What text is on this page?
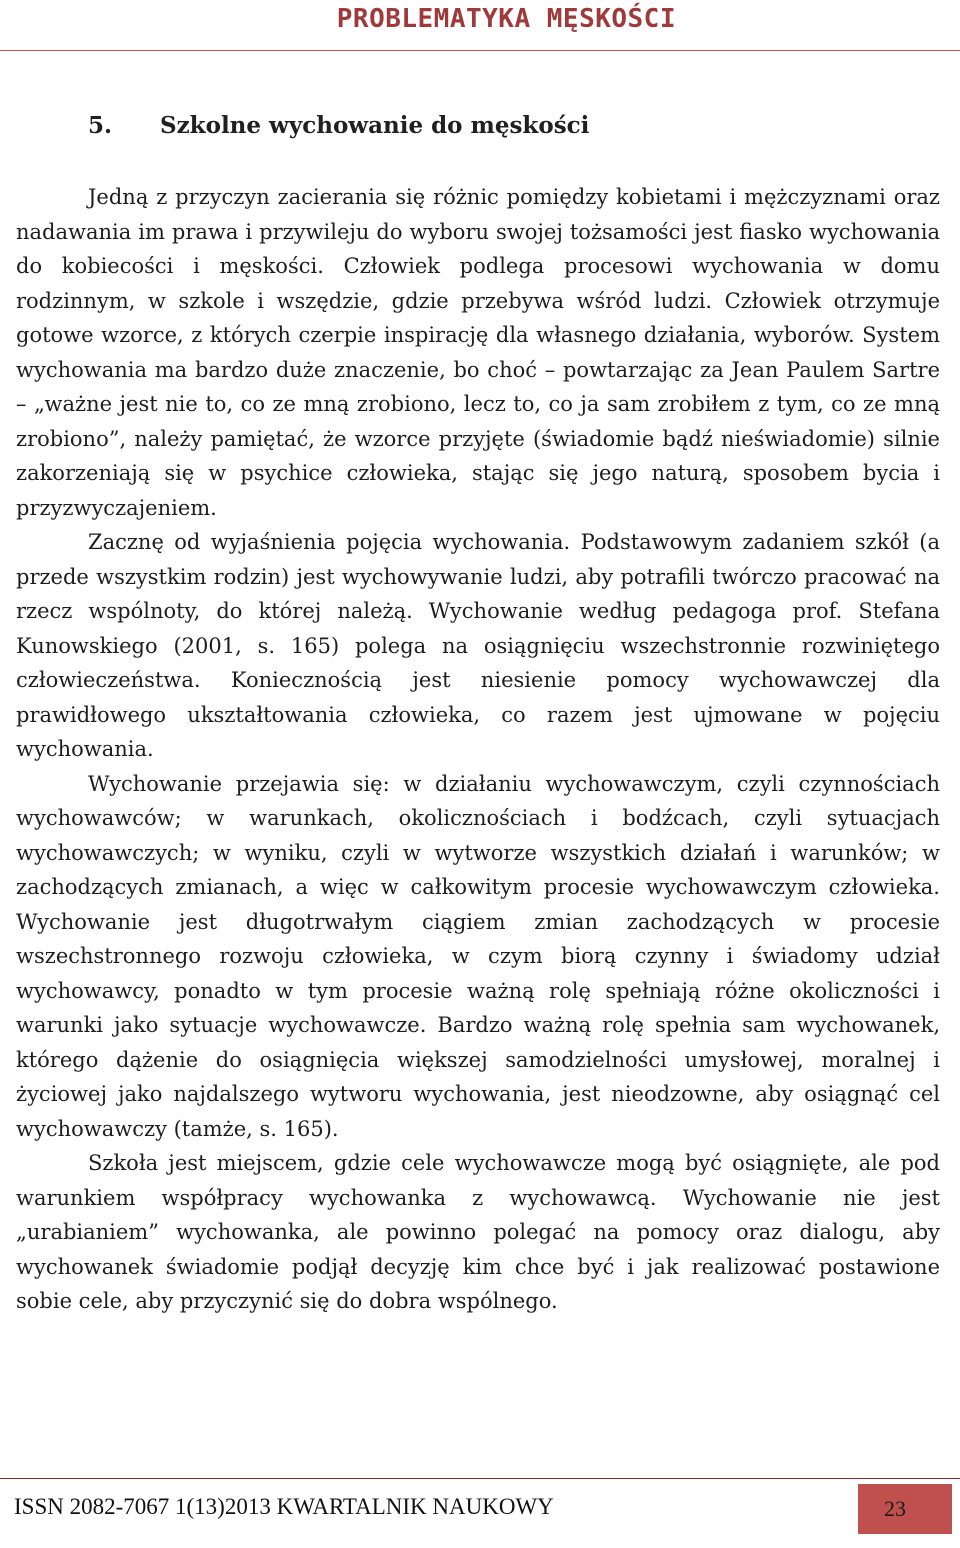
PROBLEMATYKA MĘSKOŚCI
5. Szkolne wychowanie do męskości

Jedną z przyczyn zacierania się różnic pomiędzy kobietami i mężczyznami oraz nadawania im prawa i przywileju do wyboru swojej tożsamości jest fiasko wychowania do kobiecości i męskości. Człowiek podlega procesowi wychowania w domu rodzinnym, w szkole i wszędzie, gdzie przebywa wśród ludzi. Człowiek otrzymuje gotowe wzorce, z których czerpie inspirację dla własnego działania, wyborów. System wychowania ma bardzo duże znaczenie, bo choć – powtarzając za Jean Paulem Sartre – „ważne jest nie to, co ze mną zrobiono, lecz to, co ja sam zrobiłem z tym, co ze mną zrobiono”, należy pamiętać, że wzorce przyjęte (świadomie bądź nieświadomie) silnie zakorzeniają się w psychice człowieka, stając się jego naturą, sposobem bycia i przyzwyczajeniem.

Zacznę od wyjaśnienia pojęcia wychowania. Podstawowym zadaniem szkół (a przede wszystkim rodzin) jest wychowywanie ludzi, aby potrafili twórczo pracować na rzecz wspólnoty, do której należą. Wychowanie według pedagoga prof. Stefana Kunowskiego (2001, s. 165) polega na osiągnięciu wszechstronnie rozwiniętego człowieczeństwa. Koniecznością jest niesienie pomocy wychowawczej dla prawidłowego ukształtowania człowieka, co razem jest ujmowane w pojęciu wychowania.

Wychowanie przejawia się: w działaniu wychowawczym, czyli czynnościach wychowawców; w warunkach, okolicznościach i bodźcach, czyli sytuacjach wychowawczych; w wyniku, czyli w wytworze wszystkich działań i warunków; w zachodzących zmianach, a więc w całkowitym procesie wychowawczym człowieka. Wychowanie jest długotrwałym ciągiem zmian zachodzących w procesie wszechstronnego rozwoju człowieka, w czym biorą czynny i świadomy udział wychowawcy, ponadto w tym procesie ważną rolę spełniają różne okoliczności i warunki jako sytuacje wychowawcze. Bardzo ważną rolę spełnia sam wychowanek, którego dążenie do osiągnięcia większej samodzielności umysłowej, moralnej i życiowej jako najdalszego wytworu wychowania, jest nieodzowne, aby osiągnąć cel wychowawczy (tamże, s. 165).

Szkoła jest miejscem, gdzie cele wychowawcze mogą być osiągnięte, ale pod warunkiem współpracy wychowanka z wychowawcą. Wychowanie nie jest „urabianiem” wychowanka, ale powinno polegać na pomocy oraz dialogu, aby wychowanek świadomie podjął decyzję kim chce być i jak realizować postawione sobie cele, aby przyczynić się do dobra wspólnego.

ISSN 2082-7067 1(13)2013 KWARTALNIK NAUKOWY	23
